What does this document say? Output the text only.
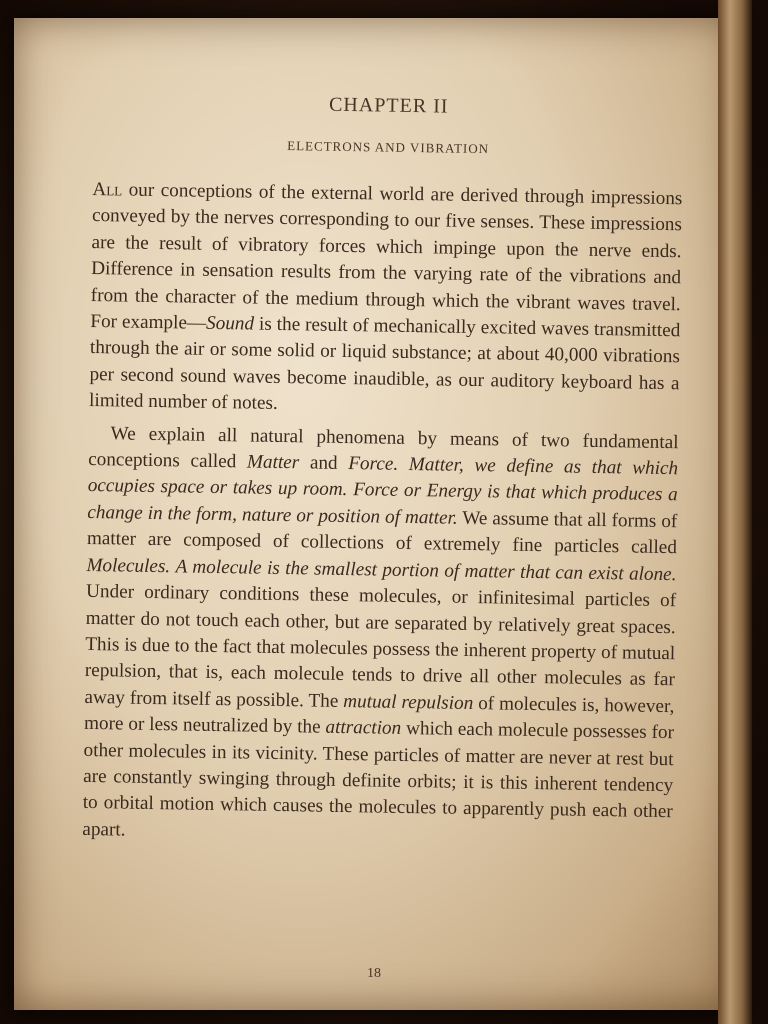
CHAPTER II
ELECTRONS AND VIBRATION

All our conceptions of the external world are derived through impressions conveyed by the nerves corresponding to our five senses. These impressions are the result of vibratory forces which impinge upon the nerve ends. Difference in sensation results from the varying rate of the vibrations and from the character of the medium through which the vibrant waves travel. For example—Sound is the result of mechanically excited waves transmitted through the air or some solid or liquid substance; at about 40,000 vibrations per second sound waves become inaudible, as our auditory keyboard has a limited number of notes.

We explain all natural phenomena by means of two fundamental conceptions called Matter and Force. Matter, we define as that which occupies space or takes up room. Force or Energy is that which produces a change in the form, nature or position of matter. We assume that all forms of matter are composed of collections of extremely fine particles called Molecules. A molecule is the smallest portion of matter that can exist alone. Under ordinary conditions these molecules, or infinitesimal particles of matter do not touch each other, but are separated by relatively great spaces. This is due to the fact that molecules possess the inherent property of mutual repulsion, that is, each molecule tends to drive all other molecules as far away from itself as possible. The mutual repulsion of molecules is, however, more or less neutralized by the attraction which each molecule possesses for other molecules in its vicinity. These particles of matter are never at rest but are constantly swinging through definite orbits; it is this inherent tendency to orbital motion which causes the molecules to apparently push each other apart.

18
